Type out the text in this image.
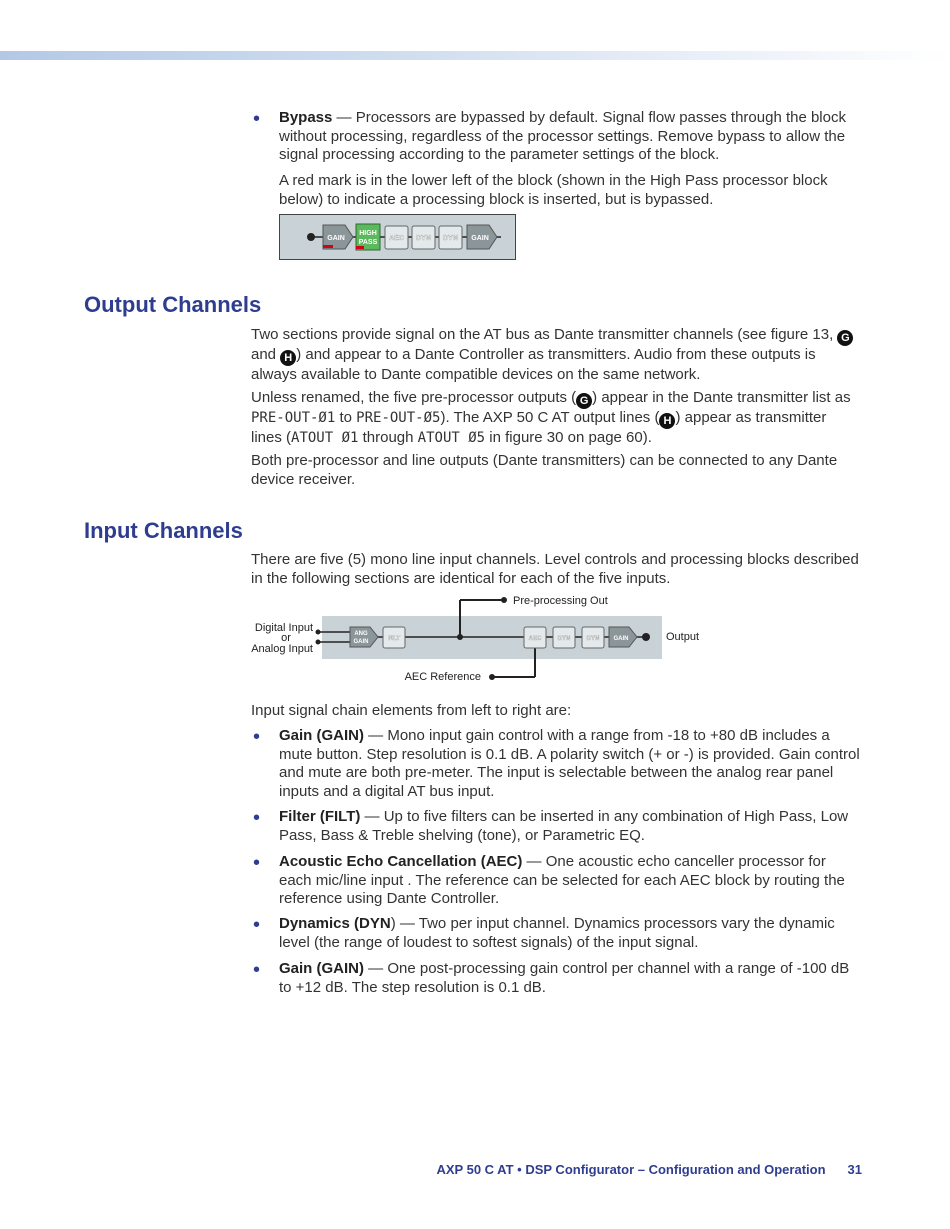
•

Bypass — Processors are bypassed by default. Signal flow passes through the block without processing, regardless of the processor settings. Remove bypass to allow the signal processing according to the parameter settings of the block.

A red mark is in the lower left of the block (shown in the High Pass processor block below) to indicate a processing block is inserted, but is bypassed.

GAIN
HIGH
PASS
AEC DYN DYN GAIN
Output Channels

Two sections provide signal on the AT bus as Dante transmitter channels (see figure 13, G and H ) and appear to a Dante Controller as transmitters. Audio from these outputs is always available to Dante compatible devices on the same network.

Unless renamed, the five pre-processor outputs ( G ) appear in the Dante transmitter list as PRE-OUT-Ø1 to PRE-OUT-Ø5). The AXP 50 C AT output lines ( H ) appear as transmitter lines (ATOUT Ø1 through ATOUT Ø5 in figure 30 on page 60).

Both pre-processor and line outputs (Dante transmitters) can be connected to any Dante device receiver.

Input Channels

There are five (5) mono line input channels. Level controls and processing blocks described in the following sections are identical for each of the five inputs.

ANG
GAIN	FILT	AEC	DYN	DYN GAIN
Pre-processing Out
Digital Input
or
Analog Input
Output
AEC Reference

Input signal chain elements from left to right are:

•

Gain (GAIN) — Mono input gain control with a range from -18 to +80 dB includes a mute button. Step resolution is 0.1 dB. A polarity switch (+ or -) is provided. Gain control and mute are both pre-meter. The input is selectable between the analog rear panel inputs and a digital AT bus input.

•

Filter (FILT) — Up to five filters can be inserted in any combination of High Pass, Low Pass, Bass & Treble shelving (tone), or Parametric EQ.

•

Acoustic Echo Cancellation (AEC) — One acoustic echo canceller processor for each mic/line input . The reference can be selected for each AEC block by routing the reference using Dante Controller.

•

Dynamics (DYN) — Two per input channel. Dynamics processors vary the dynamic level (the range of loudest to softest signals) of the input signal.

•

Gain (GAIN) — One post-processing gain control per channel with a range of -100 dB to +12 dB. The step resolution is 0.1 dB.

AXP 50 C AT • DSP Configurator – Configuration and Operation 31
